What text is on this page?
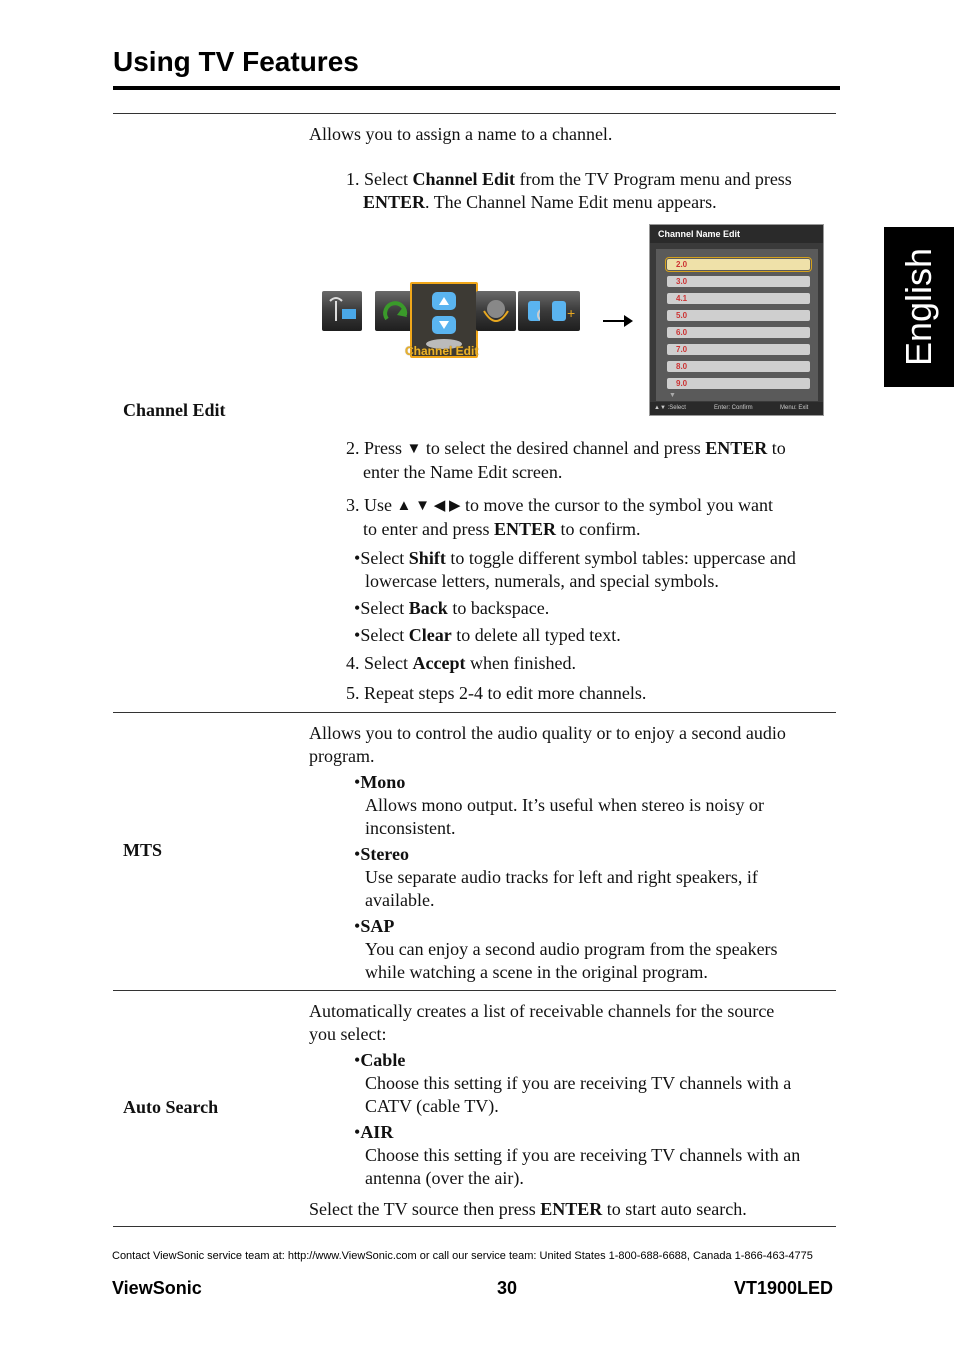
Using TV Features
English
Channel Edit
Allows you to assign a name to a channel.
1. Select Channel Edit from the TV Program menu and press
ENTER. The Channel Name Edit menu appears.
+
Channel Edit
Channel Name Edit
2.0
3.0
4.1
5.0
6.0
7.0
8.0
9.0
▼
▲▼ :Select	Enter: Confirm	Menu: Exit
2. Press ▼ to select the desired channel and press ENTER to
enter the Name Edit screen.
3. Use ▲ ▼ ◀ ▶ to move the cursor to the symbol you want
to enter and press ENTER to confirm.
•Select Shift to toggle different symbol tables: uppercase and
lowercase letters, numerals, and special symbols.
•Select Back to backspace.
•Select Clear to delete all typed text.
4. Select Accept when finished.
5. Repeat steps 2-4 to edit more channels.
MTS
Allows you to control the audio quality or to enjoy a second audio
program.
•Mono
Allows mono output. It’s useful when stereo is noisy or
inconsistent.
•Stereo
Use separate audio tracks for left and right speakers, if
available.
•SAP
You can enjoy a second audio program from the speakers
while watching a scene in the original program.
Auto Search
Automatically creates a list of receivable channels for the source
you select:
•Cable
Choose this setting if you are receiving TV channels with a
CATV (cable TV).
•AIR
Choose this setting if you are receiving TV channels with an
antenna (over the air).
Select the TV source then press ENTER to start auto search.
Contact ViewSonic service team at: http://www.ViewSonic.com or call our service team: United States 1-800-688-6688, Canada 1-866-463-4775
ViewSonic	30	VT1900LED
